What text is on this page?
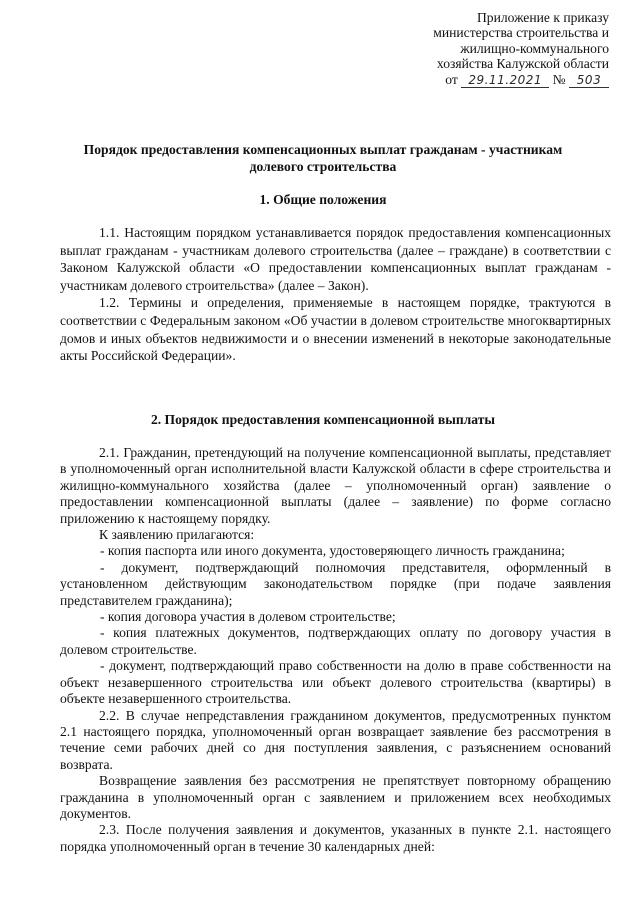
Приложение к приказу
министерства строительства и
жилищно-коммунального
хозяйства Калужской области
от 29.11.2021 № 503
Порядок предоставления компенсационных выплат гражданам - участникам долевого строительства
1. Общие положения

1.1. Настоящим порядком устанавливается порядок предоставления компенсационных выплат гражданам - участникам долевого строительства (далее – граждане) в соответствии с Законом Калужской области «О предоставлении компенсационных выплат гражданам - участникам долевого строительства» (далее – Закон).

1.2. Термины и определения, применяемые в настоящем порядке, трактуются в соответствии с Федеральным законом «Об участии в долевом строительстве многоквартирных домов и иных объектов недвижимости и о внесении изменений в некоторые законодательные акты Российской Федерации».

2. Порядок предоставления компенсационной выплаты

2.1. Гражданин, претендующий на получение компенсационной выплаты, представляет в уполномоченный орган исполнительной власти Калужской области в сфере строительства и жилищно-коммунального хозяйства (далее – уполномоченный орган) заявление о предоставлении компенсационной выплаты (далее – заявление) по форме согласно приложению к настоящему порядку.

К заявлению прилагаются:

- копия паспорта или иного документа, удостоверяющего личность гражданина;

- документ, подтверждающий полномочия представителя, оформленный в установленном действующим законодательством порядке (при подаче заявления представителем гражданина);

- копия договора участия в долевом строительстве;

- копия платежных документов, подтверждающих оплату по договору участия в долевом строительстве.

- документ, подтверждающий право собственности на долю в праве собственности на объект незавершенного строительства или объект долевого строительства (квартиры) в объекте незавершенного строительства.

2.2. В случае непредставления гражданином документов, предусмотренных пунктом 2.1 настоящего порядка, уполномоченный орган возвращает заявление без рассмотрения в течение семи рабочих дней со дня поступления заявления, с разъяснением оснований возврата.

Возвращение заявления без рассмотрения не препятствует повторному обращению гражданина в уполномоченный орган с заявлением и приложением всех необходимых документов.

2.3. После получения заявления и документов, указанных в пункте 2.1. настоящего порядка уполномоченный орган в течение 30 календарных дней:
